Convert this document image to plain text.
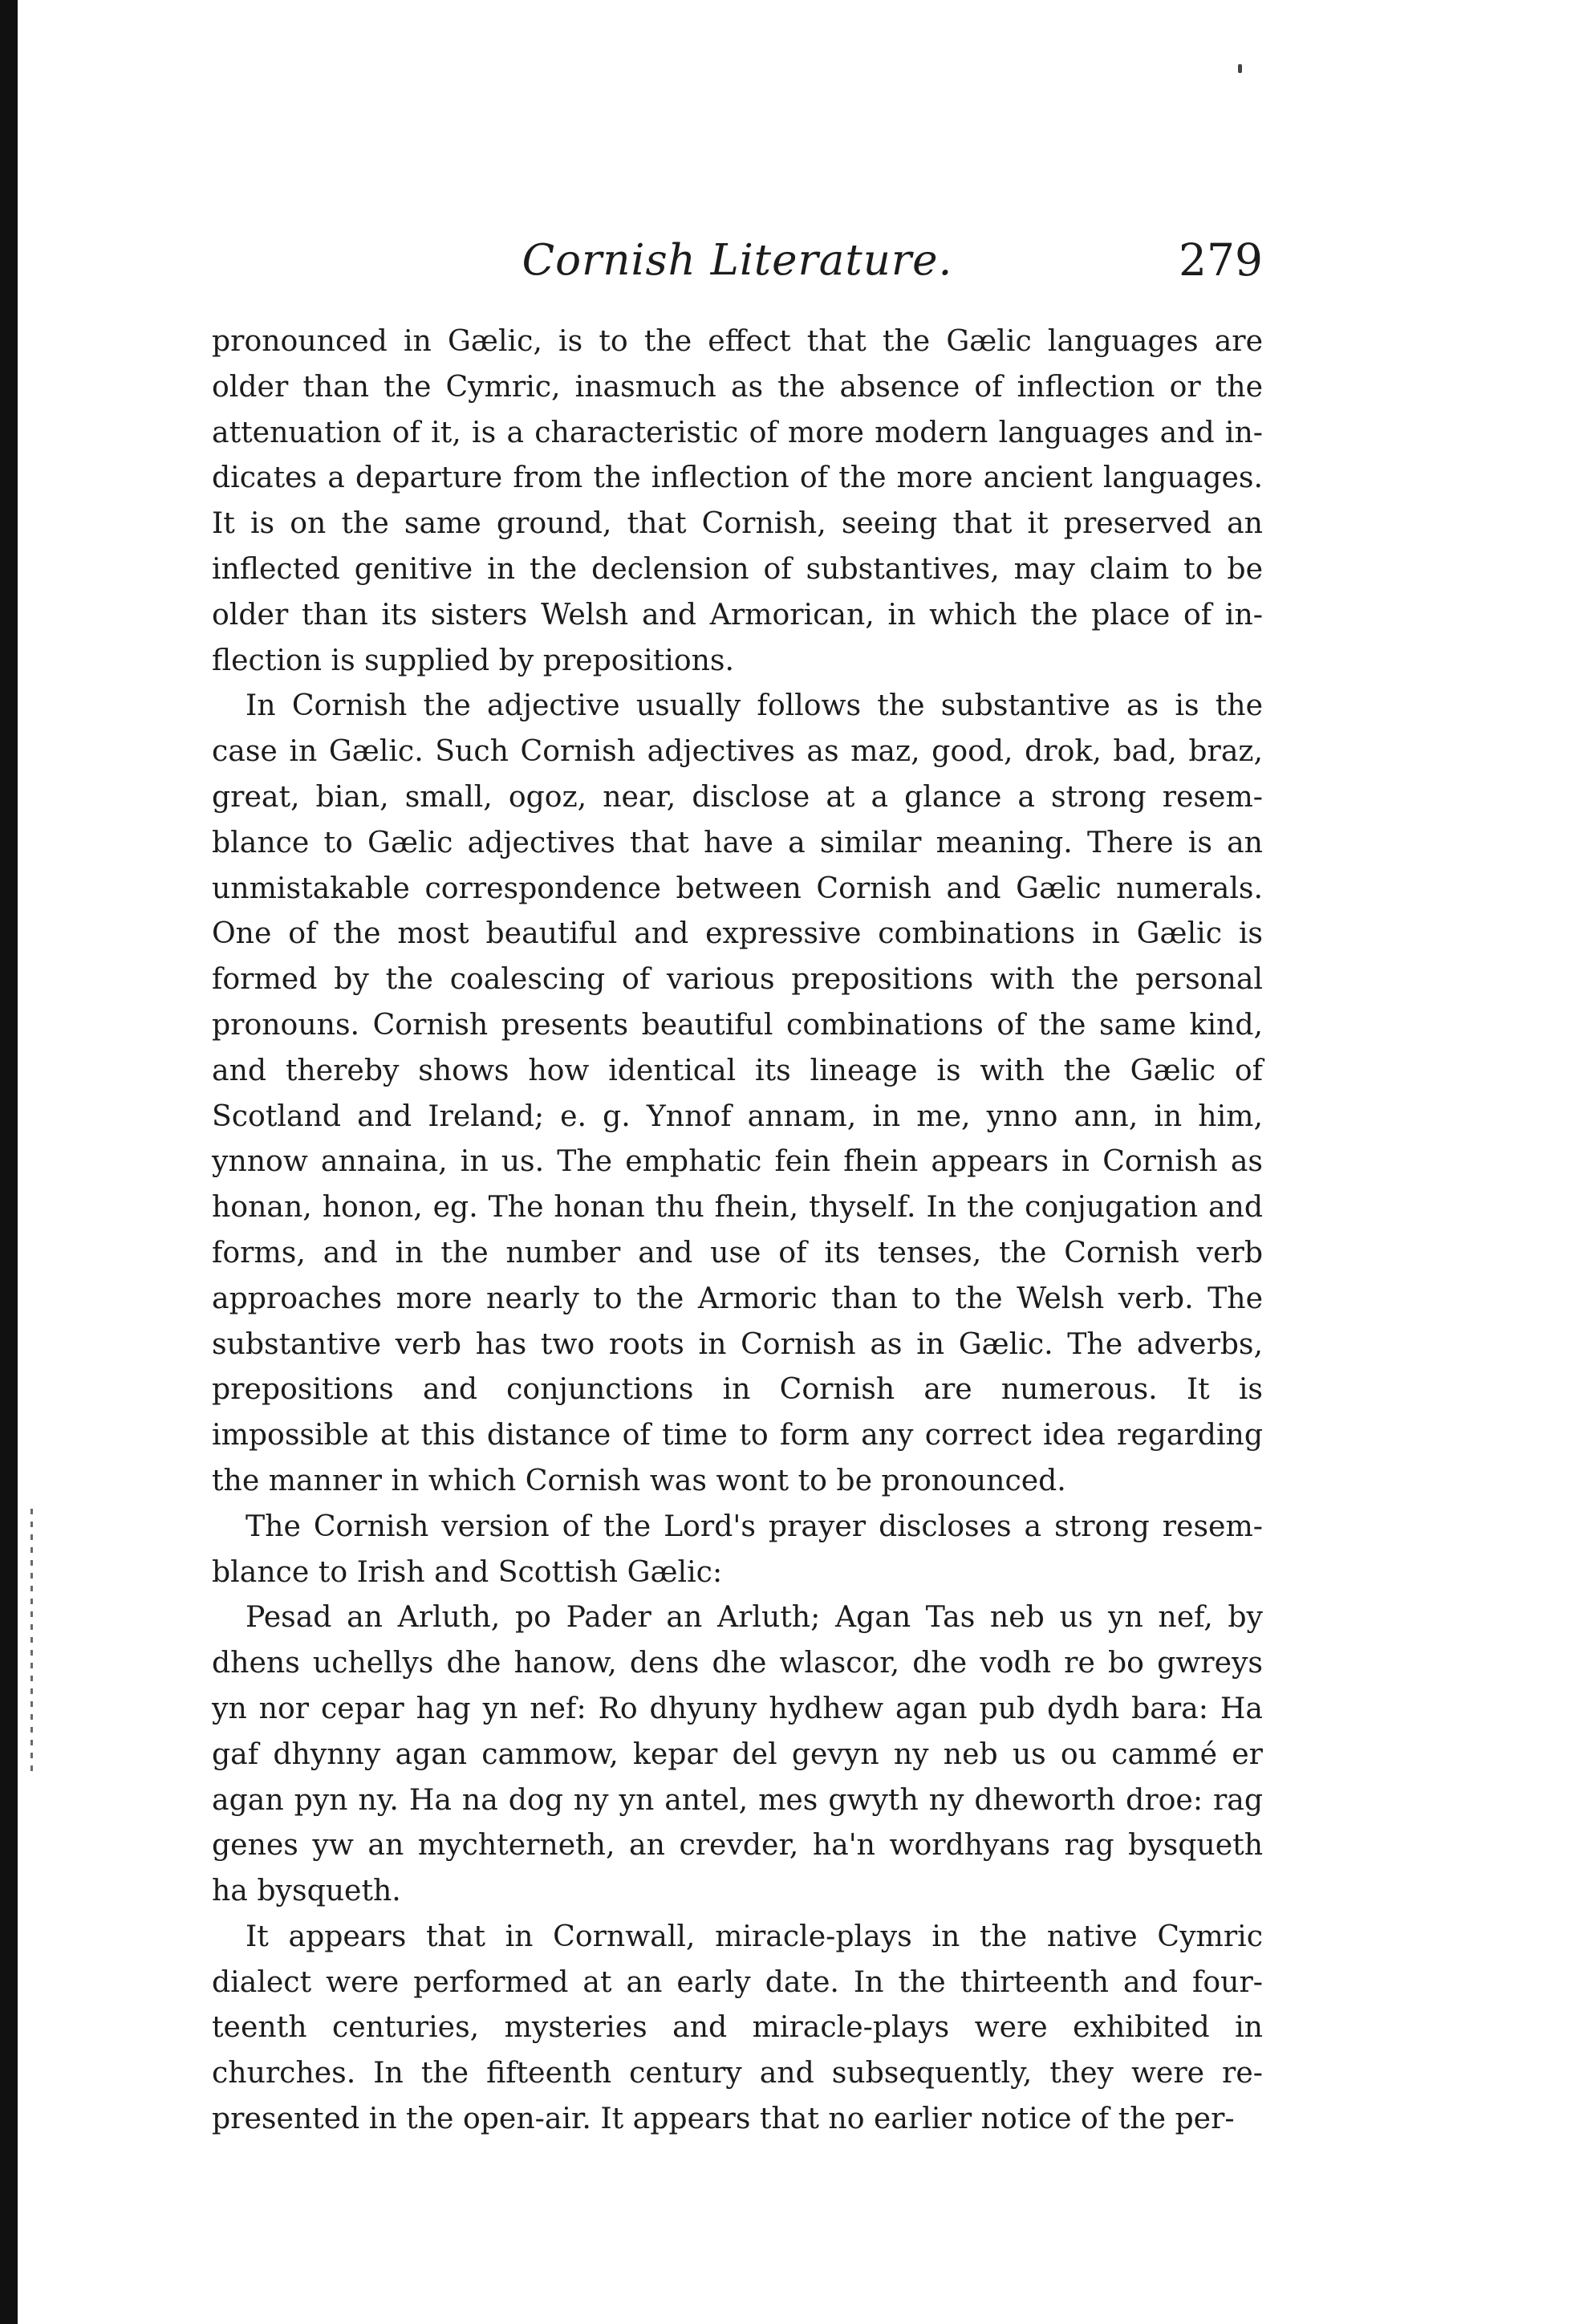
Cornish Literature.	279

pronounced in Gælic, is to the effect that the Gælic languages are older than the Cymric, inasmuch as the absence of inflection or the attenuation of it, is a characteristic of more modern languages and indicates a departure from the inflection of the more ancient languages. It is on the same ground, that Cornish, seeing that it preserved an inflected genitive in the declension of substantives, may claim to be older than its sisters Welsh and Armorican, in which the place of inflection is supplied by prepositions.

In Cornish the adjective usually follows the substantive as is the case in Gælic. Such Cornish adjectives as maz, good, drok, bad, braz, great, bian, small, ogoz, near, disclose at a glance a strong resemblance to Gælic adjectives that have a similar meaning. There is an unmistakable correspondence between Cornish and Gælic numerals. One of the most beautiful and expressive combinations in Gælic is formed by the coalescing of various prepositions with the personal pronouns. Cornish presents beautiful combinations of the same kind, and thereby shows how identical its lineage is with the Gælic of Scotland and Ireland; e. g. Ynnof annam, in me, ynno ann, in him, ynnow annaina, in us. The emphatic fein fhein appears in Cornish as honan, honon, eg. The honan thu fhein, thyself. In the conjugation and forms, and in the number and use of its tenses, the Cornish verb approaches more nearly to the Armoric than to the Welsh verb. The substantive verb has two roots in Cornish as in Gælic. The adverbs, prepositions and conjunctions in Cornish are numerous. It is impossible at this distance of time to form any correct idea regarding the manner in which Cornish was wont to be pronounced.

The Cornish version of the Lord's prayer discloses a strong resemblance to Irish and Scottish Gælic:

Pesad an Arluth, po Pader an Arluth; Agan Tas neb us yn nef, by dhens uchellys dhe hanow, dens dhe wlascor, dhe vodh re bo gwreys yn nor cepar hag yn nef: Ro dhyuny hydhew agan pub dydh bara: Ha gaf dhynny agan cammow, kepar del gevyn ny neb us ou cammé er agan pyn ny. Ha na dog ny yn antel, mes gwyth ny dheworth droe: rag genes yw an mychterneth, an crevder, ha'n wordhyans rag bysqueth ha bysqueth.

It appears that in Cornwall, miracle-plays in the native Cymric dialect were performed at an early date. In the thirteenth and fourteenth centuries, mysteries and miracle-plays were exhibited in churches. In the fifteenth century and subsequently, they were represented in the open-air. It appears that no earlier notice of the per-
